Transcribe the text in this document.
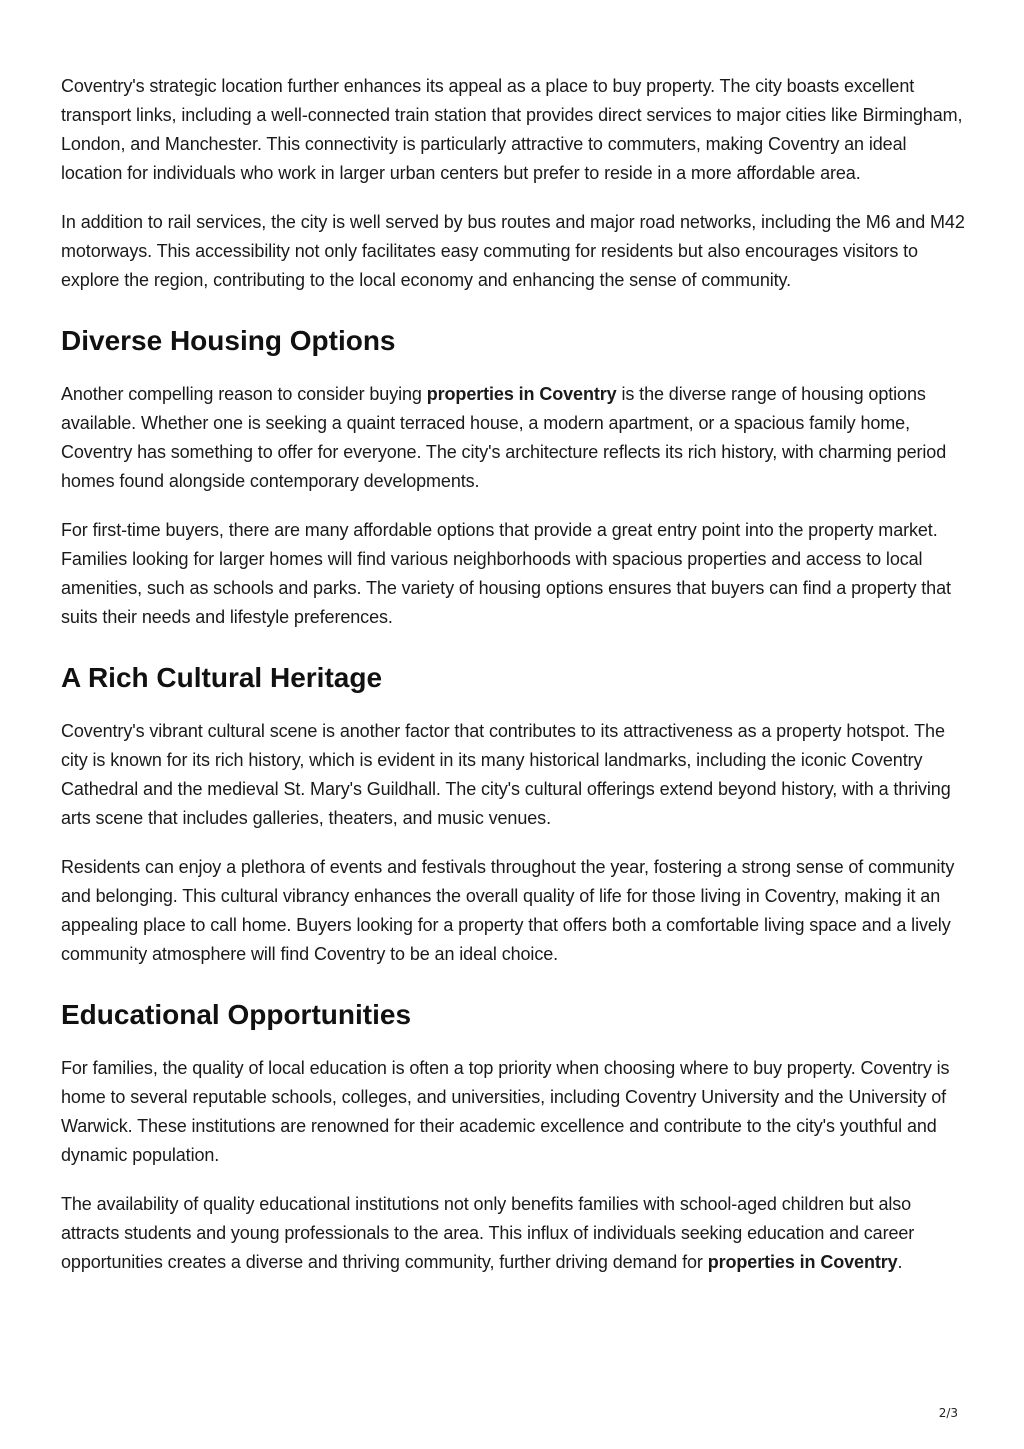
Coventry's strategic location further enhances its appeal as a place to buy property. The city boasts excellent transport links, including a well-connected train station that provides direct services to major cities like Birmingham, London, and Manchester. This connectivity is particularly attractive to commuters, making Coventry an ideal location for individuals who work in larger urban centers but prefer to reside in a more affordable area.

In addition to rail services, the city is well served by bus routes and major road networks, including the M6 and M42 motorways. This accessibility not only facilitates easy commuting for residents but also encourages visitors to explore the region, contributing to the local economy and enhancing the sense of community.

Diverse Housing Options

Another compelling reason to consider buying properties in Coventry is the diverse range of housing options available. Whether one is seeking a quaint terraced house, a modern apartment, or a spacious family home, Coventry has something to offer for everyone. The city's architecture reflects its rich history, with charming period homes found alongside contemporary developments.

For first-time buyers, there are many affordable options that provide a great entry point into the property market. Families looking for larger homes will find various neighborhoods with spacious properties and access to local amenities, such as schools and parks. The variety of housing options ensures that buyers can find a property that suits their needs and lifestyle preferences.

A Rich Cultural Heritage

Coventry's vibrant cultural scene is another factor that contributes to its attractiveness as a property hotspot. The city is known for its rich history, which is evident in its many historical landmarks, including the iconic Coventry Cathedral and the medieval St. Mary's Guildhall. The city's cultural offerings extend beyond history, with a thriving arts scene that includes galleries, theaters, and music venues.

Residents can enjoy a plethora of events and festivals throughout the year, fostering a strong sense of community and belonging. This cultural vibrancy enhances the overall quality of life for those living in Coventry, making it an appealing place to call home. Buyers looking for a property that offers both a comfortable living space and a lively community atmosphere will find Coventry to be an ideal choice.

Educational Opportunities

For families, the quality of local education is often a top priority when choosing where to buy property. Coventry is home to several reputable schools, colleges, and universities, including Coventry University and the University of Warwick. These institutions are renowned for their academic excellence and contribute to the city's youthful and dynamic population.

The availability of quality educational institutions not only benefits families with school-aged children but also attracts students and young professionals to the area. This influx of individuals seeking education and career opportunities creates a diverse and thriving community, further driving demand for properties in Coventry.

2/3
